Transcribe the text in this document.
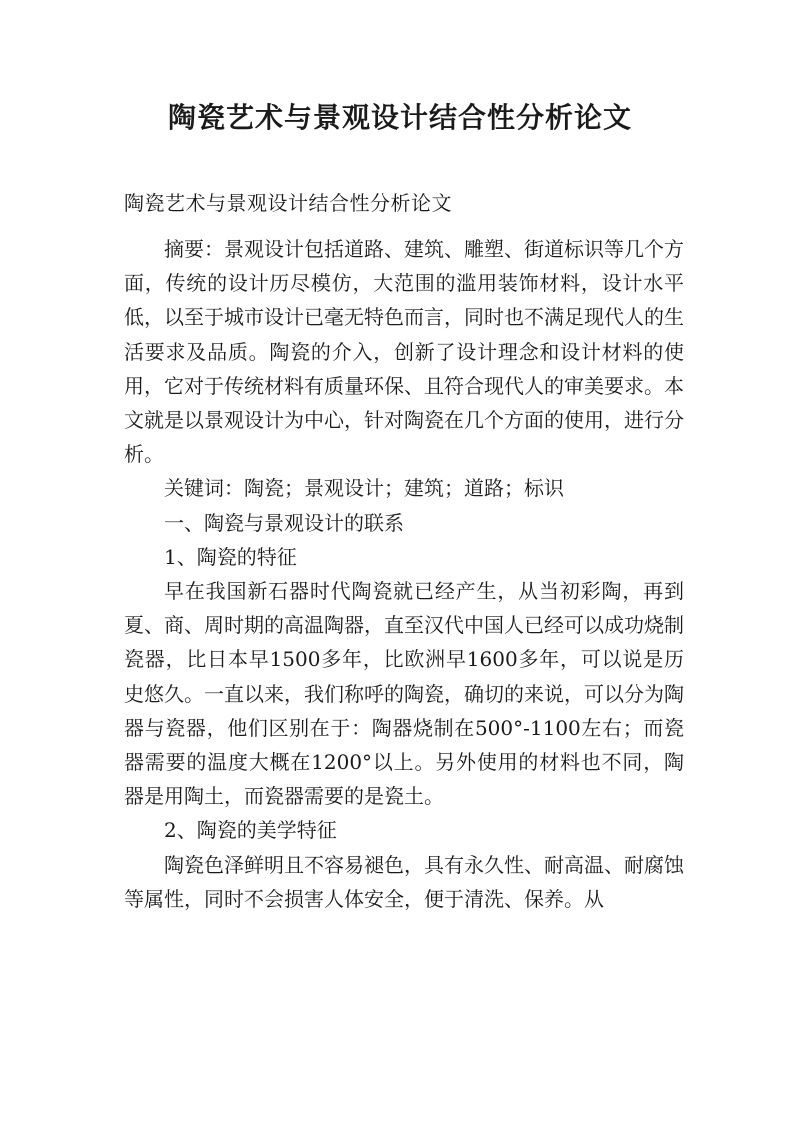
陶瓷艺术与景观设计结合性分析论文

陶瓷艺术与景观设计结合性分析论文

摘要：景观设计包括道路、建筑、雕塑、街道标识等几个方面，传统的设计历尽模仿，大范围的滥用装饰材料，设计水平低，以至于城市设计已毫无特色而言，同时也不满足现代人的生活要求及品质。陶瓷的介入，创新了设计理念和设计材料的使用，它对于传统材料有质量环保、且符合现代人的审美要求。本文就是以景观设计为中心，针对陶瓷在几个方面的使用，进行分析。

关键词：陶瓷；景观设计；建筑；道路；标识

一、陶瓷与景观设计的联系

1、陶瓷的特征

早在我国新石器时代陶瓷就已经产生，从当初彩陶，再到夏、商、周时期的高温陶器，直至汉代中国人已经可以成功烧制瓷器，比日本早1500多年，比欧洲早1600多年，可以说是历史悠久。一直以来，我们称呼的陶瓷，确切的来说，可以分为陶器与瓷器，他们区别在于：陶器烧制在500°-1100左右；而瓷器需要的温度大概在1200°以上。另外使用的材料也不同，陶器是用陶土，而瓷器需要的是瓷土。

2、陶瓷的美学特征

陶瓷色泽鲜明且不容易褪色，具有永久性、耐高温、耐腐蚀等属性，同时不会损害人体安全，便于清洗、保养。从
